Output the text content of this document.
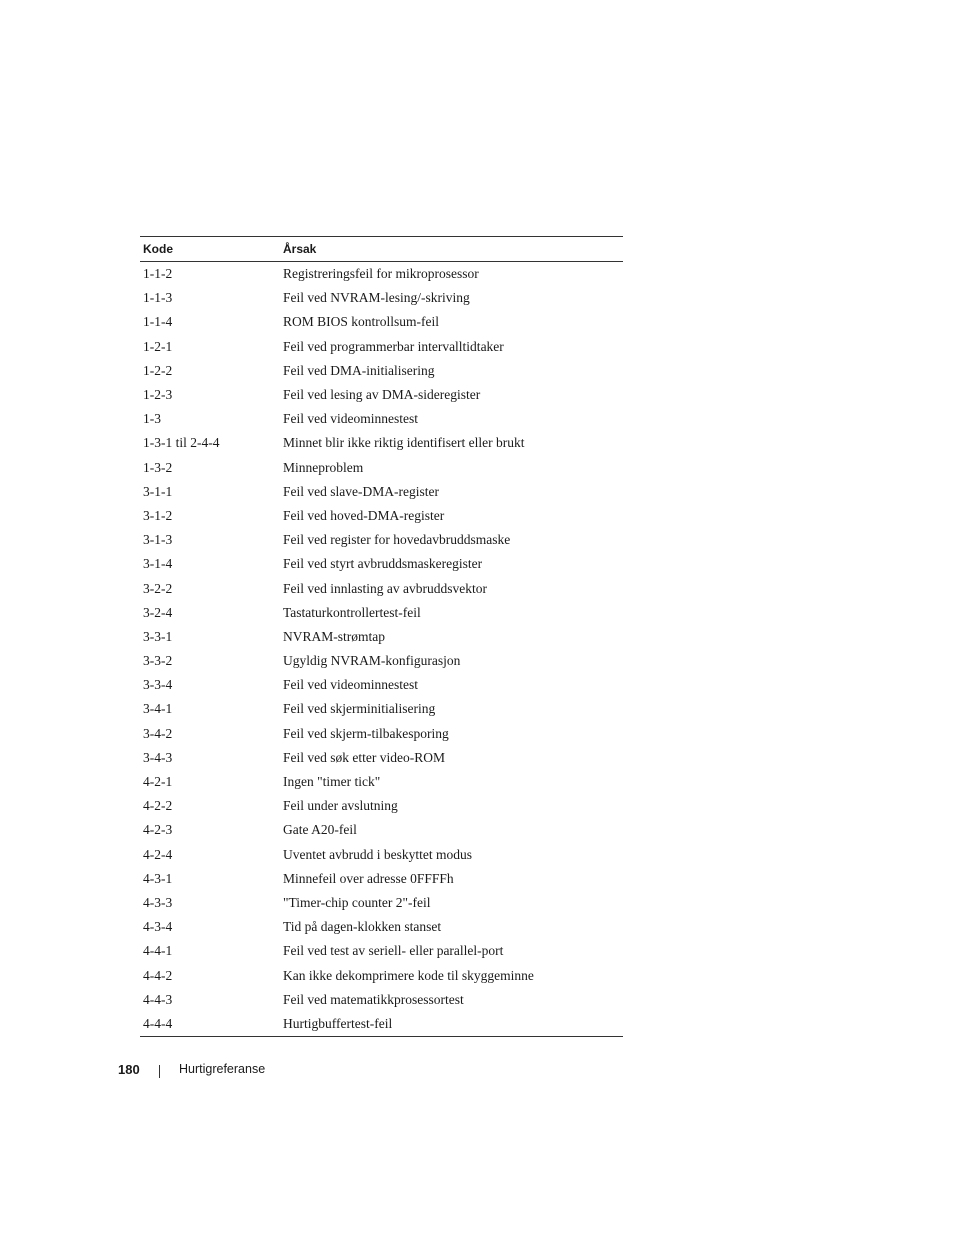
Kode	Årsak
1-1-2	Registreringsfeil for mikroprosessor
1-1-3	Feil ved NVRAM-lesing/-skriving
1-1-4	ROM BIOS kontrollsum-feil
1-2-1	Feil ved programmerbar intervalltidtaker
1-2-2	Feil ved DMA-initialisering
1-2-3	Feil ved lesing av DMA-sideregister
1-3	Feil ved videominnestest
1-3-1 til 2-4-4	Minnet blir ikke riktig identifisert eller brukt
1-3-2	Minneproblem
3-1-1	Feil ved slave-DMA-register
3-1-2	Feil ved hoved-DMA-register
3-1-3	Feil ved register for hovedavbruddsmaske
3-1-4	Feil ved styrt avbruddsmaskeregister
3-2-2	Feil ved innlasting av avbruddsvektor
3-2-4	Tastaturkontrollertest-feil
3-3-1	NVRAM-strømtap
3-3-2	Ugyldig NVRAM-konfigurasjon
3-3-4	Feil ved videominnestest
3-4-1	Feil ved skjerminitialisering
3-4-2	Feil ved skjerm-tilbakesporing
3-4-3	Feil ved søk etter video-ROM
4-2-1	Ingen "timer tick"
4-2-2	Feil under avslutning
4-2-3	Gate A20-feil
4-2-4	Uventet avbrudd i beskyttet modus
4-3-1	Minnefeil over adresse 0FFFFh
4-3-3	"Timer-chip counter 2"-feil
4-3-4	Tid på dagen-klokken stanset
4-4-1	Feil ved test av seriell- eller parallel-port
4-4-2	Kan ikke dekomprimere kode til skyggeminne
4-4-3	Feil ved matematikkprosessortest
4-4-4	Hurtigbuffertest-feil
180	Hurtigreferanse
